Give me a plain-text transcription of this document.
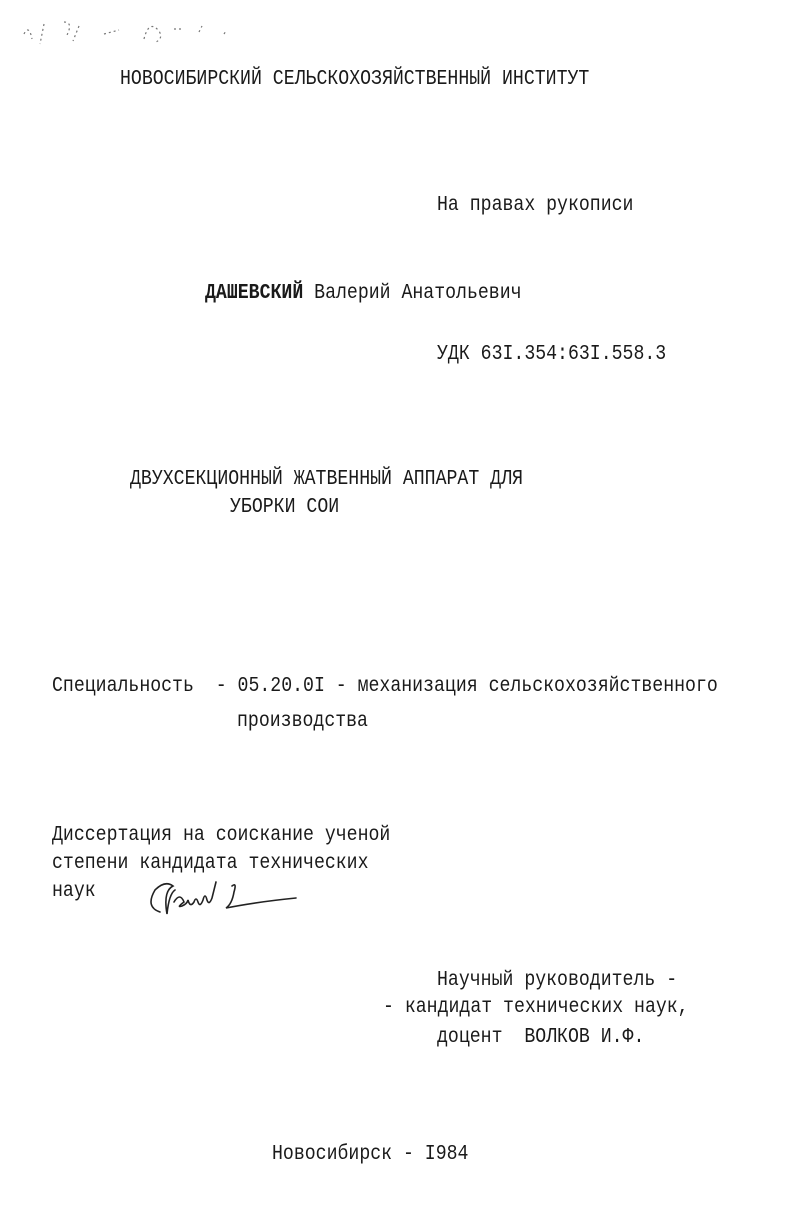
НОВОСИБИРСКИЙ СЕЛЬСКОХОЗЯЙСТВЕННЫЙ ИНСТИТУТ
На правах рукописи
ДАШЕВСКИЙ Валерий Анатольевич
УДК 63I.354:63I.558.3
ДВУХСЕКЦИОННЫЙ ЖАТВЕННЫЙ АППАРАТ ДЛЯ
УБОРКИ СОИ
Специальность  - 05.20.0I - механизация сельскохозяйственного
производства
Диссертация на соискание ученой
степени кандидата технических
наук
Научный руководитель -
- кандидат технических наук,
доцент  ВОЛКОВ И.Ф.
Новосибирск - I984
